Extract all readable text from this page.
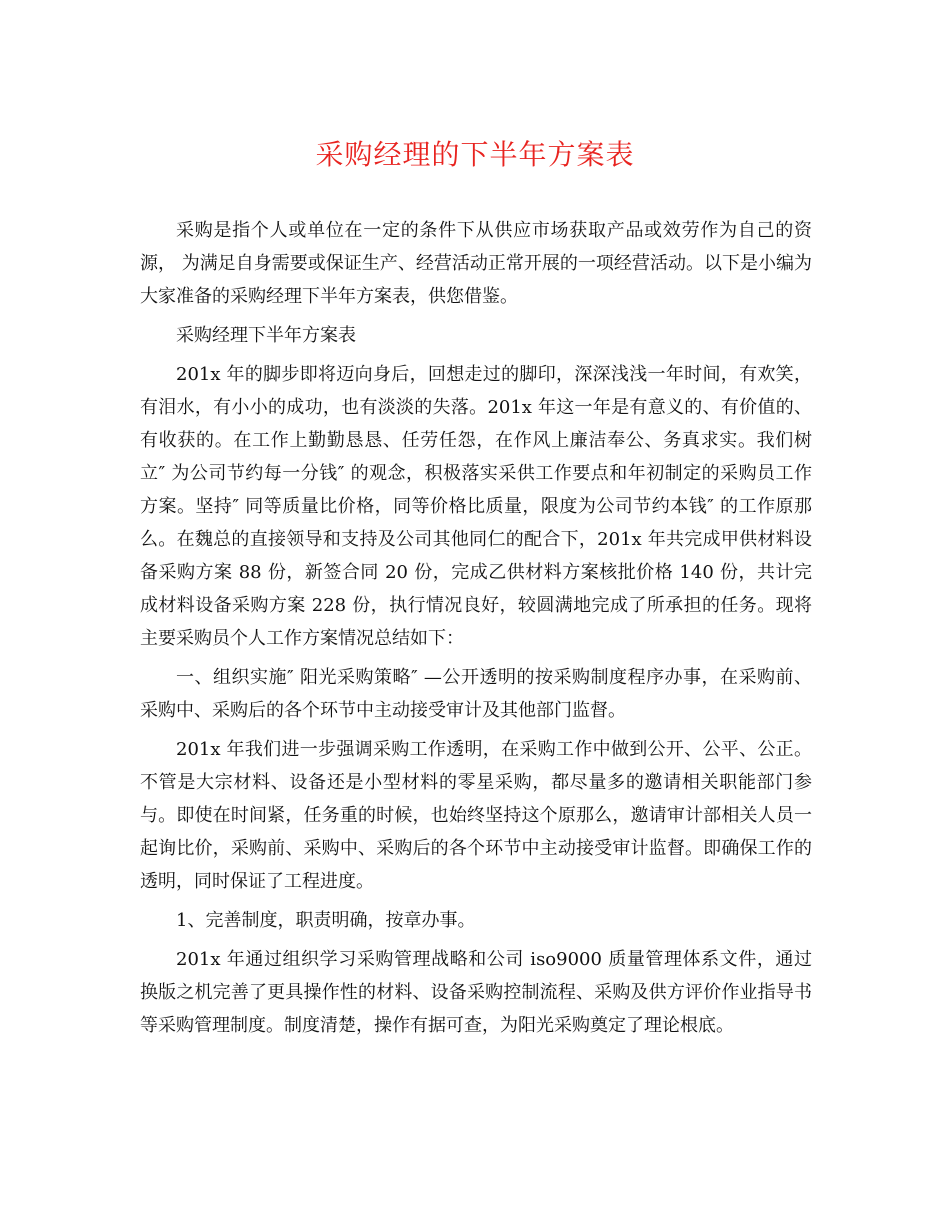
采购经理的下半年方案表

采购是指个人或单位在一定的条件下从供应市场获取产品或效劳作为自己的资源， 为满足自身需要或保证生产、经营活动正常开展的一项经营活动。以下是小编为大家准备的采购经理下半年方案表，供您借鉴。

采购经理下半年方案表

201x 年的脚步即将迈向身后，回想走过的脚印，深深浅浅一年时间，有欢笑，有泪水，有小小的成功，也有淡淡的失落。201x 年这一年是有意义的、有价值的、有收获的。在工作上勤勤恳恳、任劳任怨，在作风上廉洁奉公、务真求实。我们树立″ 为公司节约每一分钱″ 的观念，积极落实采供工作要点和年初制定的采购员工作方案。坚持″ 同等质量比价格，同等价格比质量，限度为公司节约本钱″ 的工作原那么。在魏总的直接领导和支持及公司其他同仁的配合下，201x 年共完成甲供材料设备采购方案 88 份，新签合同 20 份，完成乙供材料方案核批价格 140 份，共计完成材料设备采购方案 228 份，执行情况良好，较圆满地完成了所承担的任务。现将主要采购员个人工作方案情况总结如下：

一、组织实施″ 阳光采购策略″ —公开透明的按采购制度程序办事，在采购前、采购中、采购后的各个环节中主动接受审计及其他部门监督。

201x 年我们进一步强调采购工作透明，在采购工作中做到公开、公平、公正。不管是大宗材料、设备还是小型材料的零星采购，都尽量多的邀请相关职能部门参与。即使在时间紧，任务重的时候，也始终坚持这个原那么，邀请审计部相关人员一起询比价，采购前、采购中、采购后的各个环节中主动接受审计监督。即确保工作的透明，同时保证了工程进度。

1、完善制度，职责明确，按章办事。

201x 年通过组织学习采购管理战略和公司 iso9000 质量管理体系文件，通过换版之机完善了更具操作性的材料、设备采购控制流程、采购及供方评价作业指导书等采购管理制度。制度清楚，操作有据可查，为阳光采购奠定了理论根底。
